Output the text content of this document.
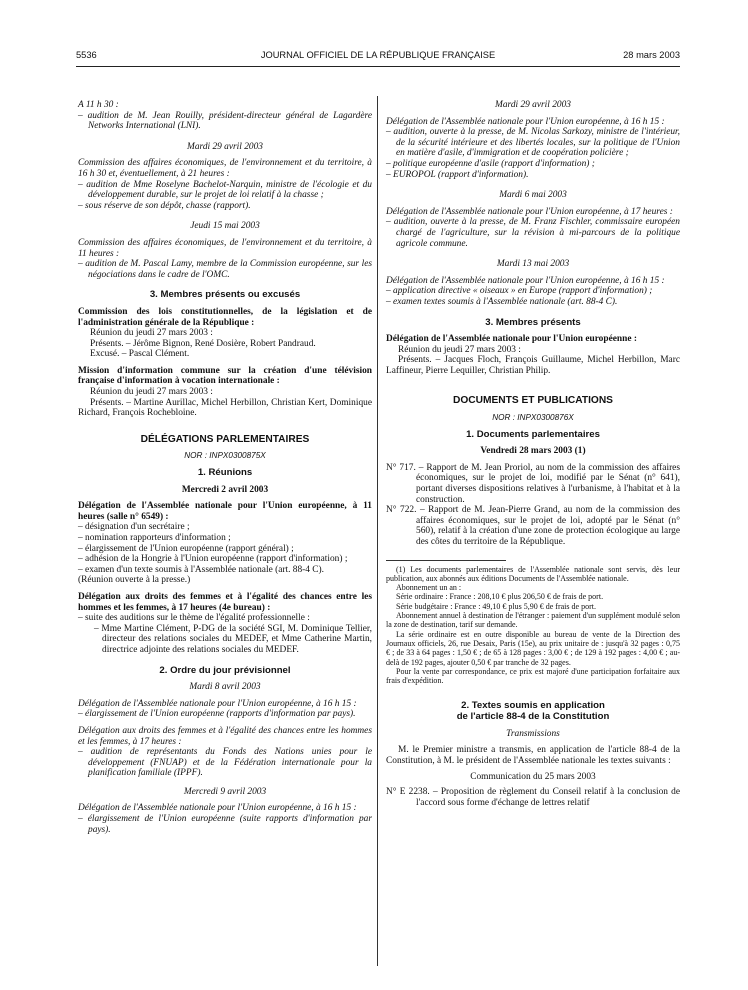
5536	JOURNAL OFFICIEL DE LA RÉPUBLIQUE FRANÇAISE	28 mars 2003

A 11 h 30 :

– audition de M. Jean Rouilly, président-directeur général de Lagardère Networks International (LNI).

Mardi 29 avril 2003

Commission des affaires économiques, de l'environnement et du territoire, à 16 h 30 et, éventuellement, à 21 heures :

– audition de Mme Roselyne Bachelot-Narquin, ministre de l'écologie et du développement durable, sur le projet de loi relatif à la chasse ;

– sous réserve de son dépôt, chasse (rapport).

Jeudi 15 mai 2003

Commission des affaires économiques, de l'environnement et du territoire, à 11 heures :

– audition de M. Pascal Lamy, membre de la Commission européenne, sur les négociations dans le cadre de l'OMC.

3. Membres présents ou excusés

Commission des lois constitutionnelles, de la législation et de l'administration générale de la République :

Réunion du jeudi 27 mars 2003 :

Présents. – Jérôme Bignon, René Dosière, Robert Pandraud.

Excusé. – Pascal Clément.

Mission d'information commune sur la création d'une télévision française d'information à vocation internationale :

Réunion du jeudi 27 mars 2003 :

Présents. – Martine Aurillac, Michel Herbillon, Christian Kert, Dominique Richard, François Rochebloine.

DÉLÉGATIONS PARLEMENTAIRES

NOR : INPX0300875X

1. Réunions

Mercredi 2 avril 2003

Délégation de l'Assemblée nationale pour l'Union européenne, à 11 heures (salle n° 6549) :

– désignation d'un secrétaire ;

– nomination rapporteurs d'information ;

– élargissement de l'Union européenne (rapport général) ;

– adhésion de la Hongrie à l'Union européenne (rapport d'information) ;

– examen d'un texte soumis à l'Assemblée nationale (art. 88-4 C).

(Réunion ouverte à la presse.)

Délégation aux droits des femmes et à l'égalité des chances entre les hommes et les femmes, à 17 heures (4e bureau) :

– suite des auditions sur le thème de l'égalité professionnelle :

– Mme Martine Clément, P-DG de la société SGI, M. Dominique Tellier, directeur des relations sociales du MEDEF, et Mme Catherine Martin, directrice adjointe des relations sociales du MEDEF.

2. Ordre du jour prévisionnel

Mardi 8 avril 2003

Délégation de l'Assemblée nationale pour l'Union européenne, à 16 h 15 :

– élargissement de l'Union européenne (rapports d'information par pays).

Délégation aux droits des femmes et à l'égalité des chances entre les hommes et les femmes, à 17 heures :

– audition de représentants du Fonds des Nations unies pour le développement (FNUAP) et de la Fédération internationale pour la planification familiale (IPPF).

Mercredi 9 avril 2003

Délégation de l'Assemblée nationale pour l'Union européenne, à 16 h 15 :

– élargissement de l'Union européenne (suite rapports d'information par pays).

Mardi 29 avril 2003

Délégation de l'Assemblée nationale pour l'Union européenne, à 16 h 15 :

– audition, ouverte à la presse, de M. Nicolas Sarkozy, ministre de l'intérieur, de la sécurité intérieure et des libertés locales, sur la politique de l'Union en matière d'asile, d'immigration et de coopération policière ;

– politique européenne d'asile (rapport d'information) ;

– EUROPOL (rapport d'information).

Mardi 6 mai 2003

Délégation de l'Assemblée nationale pour l'Union européenne, à 17 heures :

– audition, ouverte à la presse, de M. Franz Fischler, commissaire européen chargé de l'agriculture, sur la révision à mi-parcours de la politique agricole commune.

Mardi 13 mai 2003

Délégation de l'Assemblée nationale pour l'Union européenne, à 16 h 15 :

– application directive « oiseaux » en Europe (rapport d'information) ;

– examen textes soumis à l'Assemblée nationale (art. 88-4 C).

3. Membres présents

Délégation de l'Assemblée nationale pour l'Union européenne :

Réunion du jeudi 27 mars 2003 :

Présents. – Jacques Floch, François Guillaume, Michel Herbillon, Marc Laffineur, Pierre Lequiller, Christian Philip.

DOCUMENTS ET PUBLICATIONS

NOR : INPX0300876X

1. Documents parlementaires

Vendredi 28 mars 2003 (1)

N° 717. – Rapport de M. Jean Proriol, au nom de la commission des affaires économiques, sur le projet de loi, modifié par le Sénat (n° 641), portant diverses dispositions relatives à l'urbanisme, à l'habitat et à la construction.

N° 722. – Rapport de M. Jean-Pierre Grand, au nom de la commission des affaires économiques, sur le projet de loi, adopté par le Sénat (n° 560), relatif à la création d'une zone de protection écologique au large des côtes du territoire de la République.

(1) Les documents parlementaires de l'Assemblée nationale sont servis, dès leur publication, aux abonnés aux éditions Documents de l'Assemblée nationale.

Abonnement un an :

Série ordinaire : France : 208,10 € plus 206,50 € de frais de port.

Série budgétaire : France : 49,10 € plus 5,90 € de frais de port.

Abonnement annuel à destination de l'étranger : paiement d'un supplément modulé selon la zone de destination, tarif sur demande.

La série ordinaire est en outre disponible au bureau de vente de la Direction des Journaux officiels, 26, rue Desaix, Paris (15e), au prix unitaire de : jusqu'à 32 pages : 0,75 € ; de 33 à 64 pages : 1,50 € ; de 65 à 128 pages : 3,00 € ; de 129 à 192 pages : 4,00 € ; au-delà de 192 pages, ajouter 0,50 € par tranche de 32 pages.

Pour la vente par correspondance, ce prix est majoré d'une participation forfaitaire aux frais d'expédition.

2. Textes soumis en application

de l'article 88-4 de la Constitution

Transmissions

M. le Premier ministre a transmis, en application de l'article 88-4 de la Constitution, à M. le président de l'Assemblée nationale les textes suivants :

Communication du 25 mars 2003

N° E 2238. – Proposition de règlement du Conseil relatif à la conclusion de l'accord sous forme d'échange de lettres relatif
